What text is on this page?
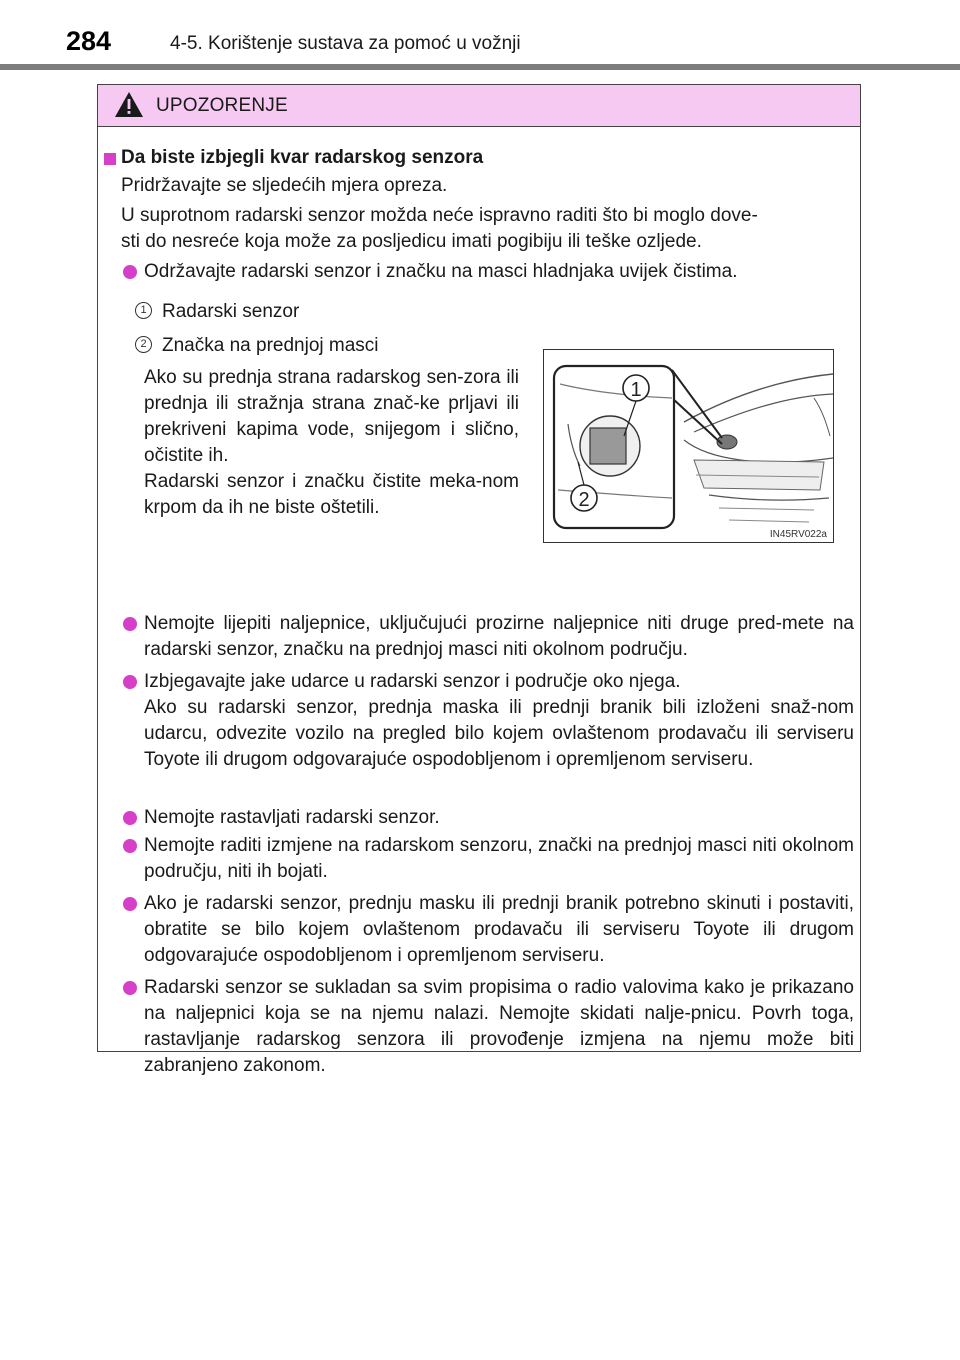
284	4-5. Korištenje sustava za pomoć u vožnji
UPOZORENJE
Da biste izbjegli kvar radarskog senzora
Pridržavajte se sljedećih mjera opreza.
U suprotnom radarski senzor možda neće ispravno raditi što bi moglo dove-
sti do nesreće koja može za posljedicu imati pogibiju ili teške ozljede.
Održavajte radarski senzor i značku na masci hladnjaka uvijek čistima.
1 Radarski senzor
2 Značka na prednjoj masci
Ako su prednja strana radarskog sen-zora ili prednja ili stražnja strana znač-ke prljavi ili prekriveni kapima vode, snijegom i slično, očistite ih.
Radarski senzor i značku čistite meka-nom krpom da ih ne biste oštetili.
1
2
IN45RV022a
Nemojte lijepiti naljepnice, uključujući prozirne naljepnice niti druge pred-mete na radarski senzor, značku na prednjoj masci niti okolnom području.
Izbjegavajte jake udarce u radarski senzor i područje oko njega.
Ako su radarski senzor, prednja maska ili prednji branik bili izloženi snaž-nom udarcu, odvezite vozilo na pregled bilo kojem ovlaštenom prodavaču ili serviseru Toyote ili drugom odgovarajuće ospodobljenom i opremljenom serviseru.
Nemojte rastavljati radarski senzor.
Nemojte raditi izmjene na radarskom senzoru, znački na prednjoj masci niti okolnom području, niti ih bojati.
Ako je radarski senzor, prednju masku ili prednji branik potrebno skinuti i postaviti, obratite se bilo kojem ovlaštenom prodavaču ili serviseru Toyote ili drugom odgovarajuće ospodobljenom i opremljenom serviseru.
Radarski senzor se sukladan sa svim propisima o radio valovima kako je prikazano na naljepnici koja se na njemu nalazi. Nemojte skidati nalje-pnicu. Povrh toga, rastavljanje radarskog senzora ili provođenje izmjena na njemu može biti zabranjeno zakonom.
